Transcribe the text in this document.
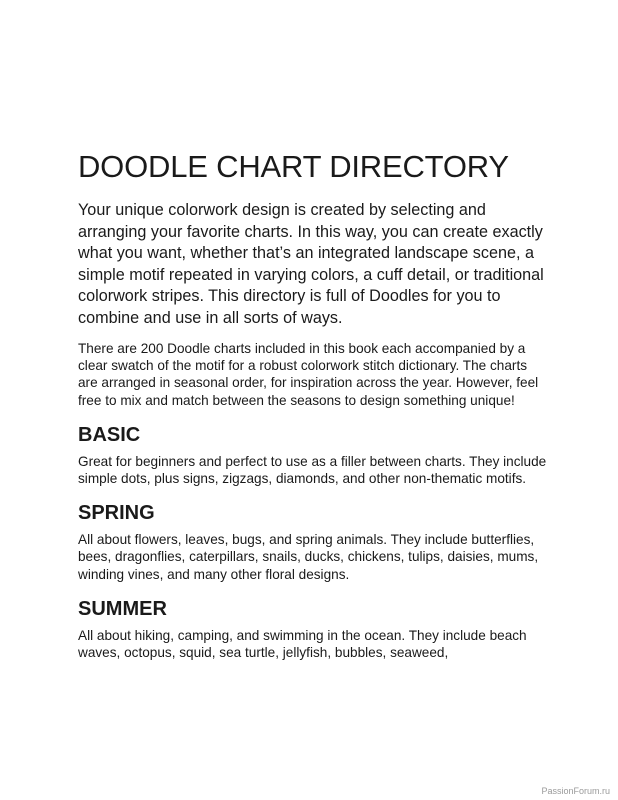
DOODLE CHART DIRECTORY

Your unique colorwork design is created by selecting and arranging your favorite charts. In this way, you can create exactly what you want, whether that’s an integrated landscape scene, a simple motif repeated in varying colors, a cuff detail, or traditional colorwork stripes. This directory is full of Doodles for you to combine and use in all sorts of ways.

There are 200 Doodle charts included in this book each accompanied by a clear swatch of the motif for a robust colorwork stitch dictionary. The charts are arranged in seasonal order, for inspiration across the year. However, feel free to mix and match between the seasons to design something unique!

BASIC

Great for beginners and perfect to use as a filler between charts. They include simple dots, plus signs, zigzags, diamonds, and other non-thematic motifs.

SPRING

All about flowers, leaves, bugs, and spring animals. They include butterflies, bees, dragonflies, caterpillars, snails, ducks, chickens, tulips, daisies, mums, winding vines, and many other floral designs.

SUMMER

All about hiking, camping, and swimming in the ocean. They include beach waves, octopus, squid, sea turtle, jellyfish, bubbles, seaweed,

PassionForum.ru
